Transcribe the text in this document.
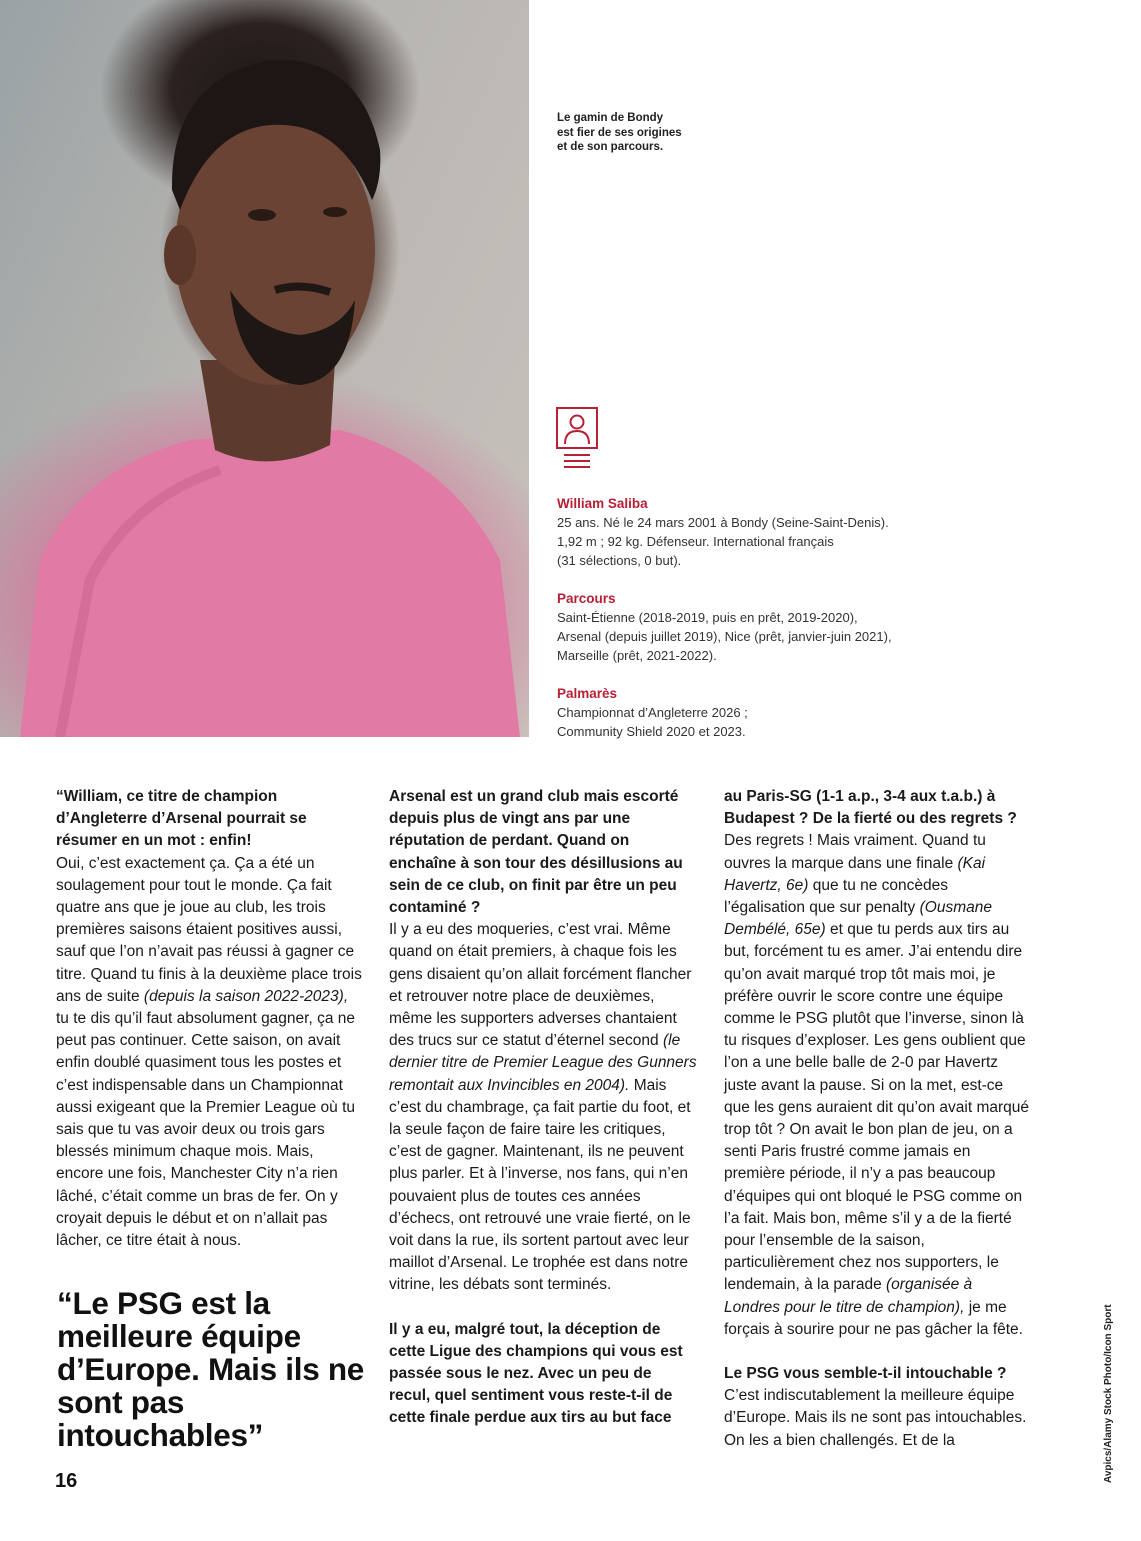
Le gamin de Bondy
est fier de ses origines
et de son parcours.
William Saliba
25 ans. Né le 24 mars 2001 à Bondy (Seine-Saint-Denis).
1,92 m ; 92 kg. Défenseur. International français
(31 sélections, 0 but).
Parcours
Saint-Étienne (2018-2019, puis en prêt, 2019-2020),
Arsenal (depuis juillet 2019), Nice (prêt, janvier-juin 2021),
Marseille (prêt, 2021-2022).
Palmarès
Championnat d’Angleterre 2026 ;
Community Shield 2020 et 2023.

“William, ce titre de champion d’Angleterre d’Arsenal pourrait se résumer en un mot : enfin!

Oui, c’est exactement ça. Ça a été un soulagement pour tout le monde. Ça fait quatre ans que je joue au club, les trois premières saisons étaient positives aussi, sauf que l’on n’avait pas réussi à gagner ce titre. Quand tu finis à la deuxième place trois ans de suite (depuis la saison 2022-2023), tu te dis qu’il faut absolument gagner, ça ne peut pas continuer. Cette saison, on avait enfin doublé quasiment tous les postes et c’est indispensable dans un Championnat aussi exigeant que la Premier League où tu sais que tu vas avoir deux ou trois gars blessés minimum chaque mois. Mais, encore une fois, Manchester City n’a rien lâché, c’était comme un bras de fer. On y croyait depuis le début et on n’allait pas lâcher, ce titre était à nous.

“Le PSG est la meilleure équipe d’Europe. Mais ils ne sont pas intouchables”

Arsenal est un grand club mais escorté depuis plus de vingt ans par une réputation de perdant. Quand on enchaîne à son tour des désillusions au sein de ce club, on finit par être un peu contaminé ?

Il y a eu des moqueries, c’est vrai. Même quand on était premiers, à chaque fois les gens disaient qu’on allait forcément flancher et retrouver notre place de deuxièmes, même les supporters adverses chantaient des trucs sur ce statut d’éternel second (le dernier titre de Premier League des Gunners remontait aux Invincibles en 2004). Mais c’est du chambrage, ça fait partie du foot, et la seule façon de faire taire les critiques, c’est de gagner. Maintenant, ils ne peuvent plus parler. Et à l’inverse, nos fans, qui n’en pouvaient plus de toutes ces années d’échecs, ont retrouvé une vraie fierté, on le voit dans la rue, ils sortent partout avec leur maillot d’Arsenal. Le trophée est dans notre vitrine, les débats sont terminés.

Il y a eu, malgré tout, la déception de cette Ligue des champions qui vous est passée sous le nez. Avec un peu de recul, quel sentiment vous reste-t-il de cette finale perdue aux tirs au but face

au Paris-SG (1-1 a.p., 3-4 aux t.a.b.) à Budapest ? De la fierté ou des regrets ?

Des regrets ! Mais vraiment. Quand tu ouvres la marque dans une finale (Kai Havertz, 6e) que tu ne concèdes l’égalisation que sur penalty (Ousmane Dembélé, 65e) et que tu perds aux tirs au but, forcément tu es amer. J’ai entendu dire qu’on avait marqué trop tôt mais moi, je préfère ouvrir le score contre une équipe comme le PSG plutôt que l’inverse, sinon là tu risques d’exploser. Les gens oublient que l’on a une belle balle de 2-0 par Havertz juste avant la pause. Si on la met, est-ce que les gens auraient dit qu’on avait marqué trop tôt ? On avait le bon plan de jeu, on a senti Paris frustré comme jamais en première période, il n’y a pas beaucoup d’équipes qui ont bloqué le PSG comme on l’a fait. Mais bon, même s’il y a de la fierté pour l’ensemble de la saison, particulièrement chez nos supporters, le lendemain, à la parade (organisée à Londres pour le titre de champion), je me forçais à sourire pour ne pas gâcher la fête.

Le PSG vous semble-t-il intouchable ?

C’est indiscutablement la meilleure équipe d’Europe. Mais ils ne sont pas intouchables. On les a bien challengés. Et de la

16	Avpics/Alamy Stock Photo/Icon Sport
